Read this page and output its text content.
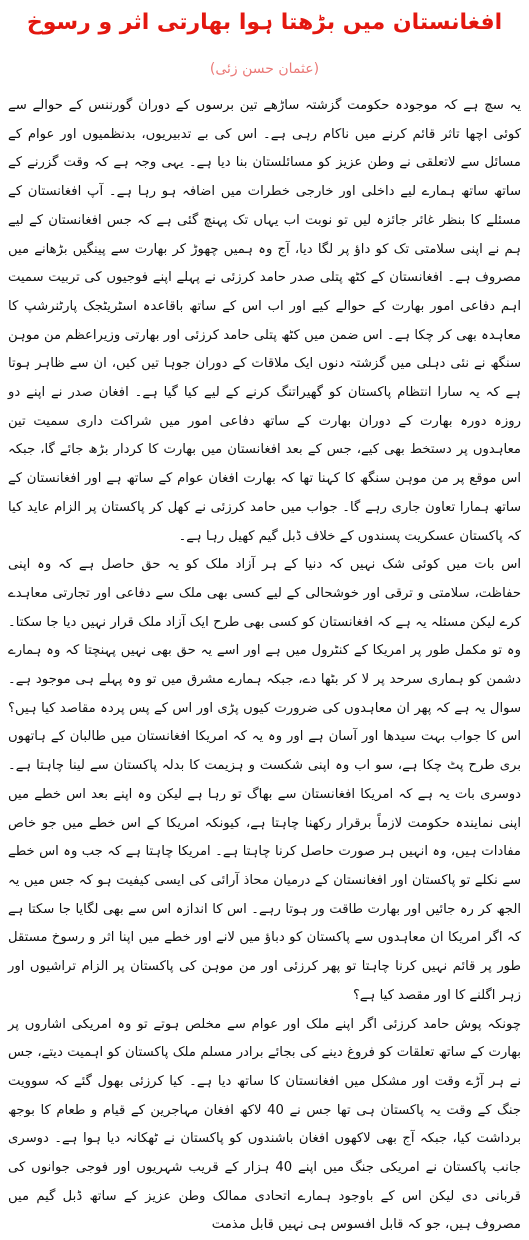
افغانستان میں بڑھتا ہوا بھارتی اثر و رسوخ
(عثمان حسن زئی)

یہ سچ ہے کہ موجودہ حکومت گزشتہ ساڑھے تین برسوں کے دوران گورننس کے حوالے سے کوئی اچھا تاثر قائم کرنے میں ناکام رہی ہے۔ اس کی بے تدبیریوں، بدنظمیوں اور عوام کے مسائل سے لاتعلقی نے وطن عزیز کو مسائلستان بنا دیا ہے۔ یہی وجہ ہے کہ وقت گزرنے کے ساتھ ساتھ ہمارے لیے داخلی اور خارجی خطرات میں اضافہ ہو رہا ہے۔ آپ افغانستان کے مسئلے کا بنظر غائر جائزہ لیں تو نوبت اب یہاں تک پہنچ گئی ہے کہ جس افغانستان کے لیے ہم نے اپنی سلامتی تک کو داؤ پر لگا دیا، آج وہ ہمیں چھوڑ کر بھارت سے پینگیں بڑھانے میں مصروف ہے۔ افغانستان کے کٹھ پتلی صدر حامد کرزئی نے پہلے اپنے فوجیوں کی تربیت سمیت اہم دفاعی امور بھارت کے حوالے کیے اور اب اس کے ساتھ باقاعدہ اسٹریٹجک پارٹنرشپ کا معاہدہ بھی کر چکا ہے۔ اس ضمن میں کٹھ پتلی حامد کرزئی اور بھارتی وزیراعظم من موہن سنگھ نے نئی دہلی میں گزشتہ دنوں ایک ملاقات کے دوران جوہا تیں کیں، ان سے ظاہر ہوتا ہے کہ یہ سارا انتظام پاکستان کو گھیراتنگ کرنے کے لیے کیا گیا ہے۔ افغان صدر نے اپنے دو روزہ دورہ بھارت کے دوران بھارت کے ساتھ دفاعی امور میں شراکت داری سمیت تین معاہدوں پر دستخط بھی کیے، جس کے بعد افغانستان میں بھارت کا کردار بڑھ جائے گا، جبکہ اس موقع پر من موہن سنگھ کا کہنا تھا کہ بھارت افغان عوام کے ساتھ ہے اور افغانستان کے ساتھ ہمارا تعاون جاری رہے گا۔ جواب میں حامد کرزئی نے کھل کر پاکستان پر الزام عاید کیا کہ پاکستان عسکریت پسندوں کے خلاف ڈبل گیم کھیل رہا ہے۔

اس بات میں کوئی شک نہیں کہ دنیا کے ہر آزاد ملک کو یہ حق حاصل ہے کہ وہ اپنی حفاظت، سلامتی و ترقی اور خوشحالی کے لیے کسی بھی ملک سے دفاعی اور تجارتی معاہدے کرے لیکن مسئلہ یہ ہے کہ افغانستان کو کسی بھی طرح ایک آزاد ملک قرار نہیں دیا جا سکتا۔ وہ تو مکمل طور پر امریکا کے کنٹرول میں ہے اور اسے یہ حق بھی نہیں پہنچتا کہ وہ ہمارے دشمن کو ہماری سرحد پر لا کر بٹھا دے، جبکہ ہمارے مشرق میں تو وہ پہلے ہی موجود ہے۔ سوال یہ ہے کہ پھر ان معاہدوں کی ضرورت کیوں پڑی اور اس کے پس پردہ مقاصد کیا ہیں؟ اس کا جواب بہت سیدھا اور آسان ہے اور وہ یہ کہ امریکا افغانستان میں طالبان کے ہاتھوں بری طرح پٹ چکا ہے، سو اب وہ اپنی شکست و ہزیمت کا بدلہ پاکستان سے لینا چاہتا ہے۔ دوسری بات یہ ہے کہ امریکا افغانستان سے بھاگ تو رہا ہے لیکن وہ اپنے بعد اس خطے میں اپنی نمایندہ حکومت لازماً برقرار رکھنا چاہتا ہے، کیونکہ امریکا کے اس خطے میں جو خاص مفادات ہیں، وہ انہیں ہر صورت حاصل کرنا چاہتا ہے۔ امریکا چاہتا ہے کہ جب وہ اس خطے سے نکلے تو پاکستان اور افغانستان کے درمیان محاذ آرائی کی ایسی کیفیت ہو کہ جس میں یہ الجھ کر رہ جائیں اور بھارت طاقت ور ہوتا رہے۔ اس کا اندازہ اس سے بھی لگایا جا سکتا ہے کہ اگر امریکا ان معاہدوں سے پاکستان کو دباؤ میں لانے اور خطے میں اپنا اثر و رسوخ مستقل طور پر قائم نہیں کرنا چاہتا تو پھر کرزئی اور من موہن کی پاکستان پر الزام تراشیوں اور زہر اگلنے کا اور مقصد کیا ہے؟

چونکہ پوش حامد کرزئی اگر اپنے ملک اور عوام سے مخلص ہوتے تو وہ امریکی اشاروں پر بھارت کے ساتھ تعلقات کو فروغ دینے کی بجائے برادر مسلم ملک پاکستان کو اہمیت دیتے، جس نے ہر آڑے وقت اور مشکل میں افغانستان کا ساتھ دیا ہے۔ کیا کرزئی بھول گئے کہ سوویت جنگ کے وقت یہ پاکستان ہی تھا جس نے 40 لاکھ افغان مہاجرین کے قیام و طعام کا بوجھ برداشت کیا، جبکہ آج بھی لاکھوں افغان باشندوں کو پاکستان نے ٹھکانہ دیا ہوا ہے۔ دوسری جانب پاکستان نے امریکی جنگ میں اپنے 40 ہزار کے قریب شہریوں اور فوجی جوانوں کی قربانی دی لیکن اس کے باوجود ہمارے اتحادی ممالک وطن عزیز کے ساتھ ڈبل گیم میں مصروف ہیں، جو کہ قابل افسوس ہی نہیں قابل مذمت
